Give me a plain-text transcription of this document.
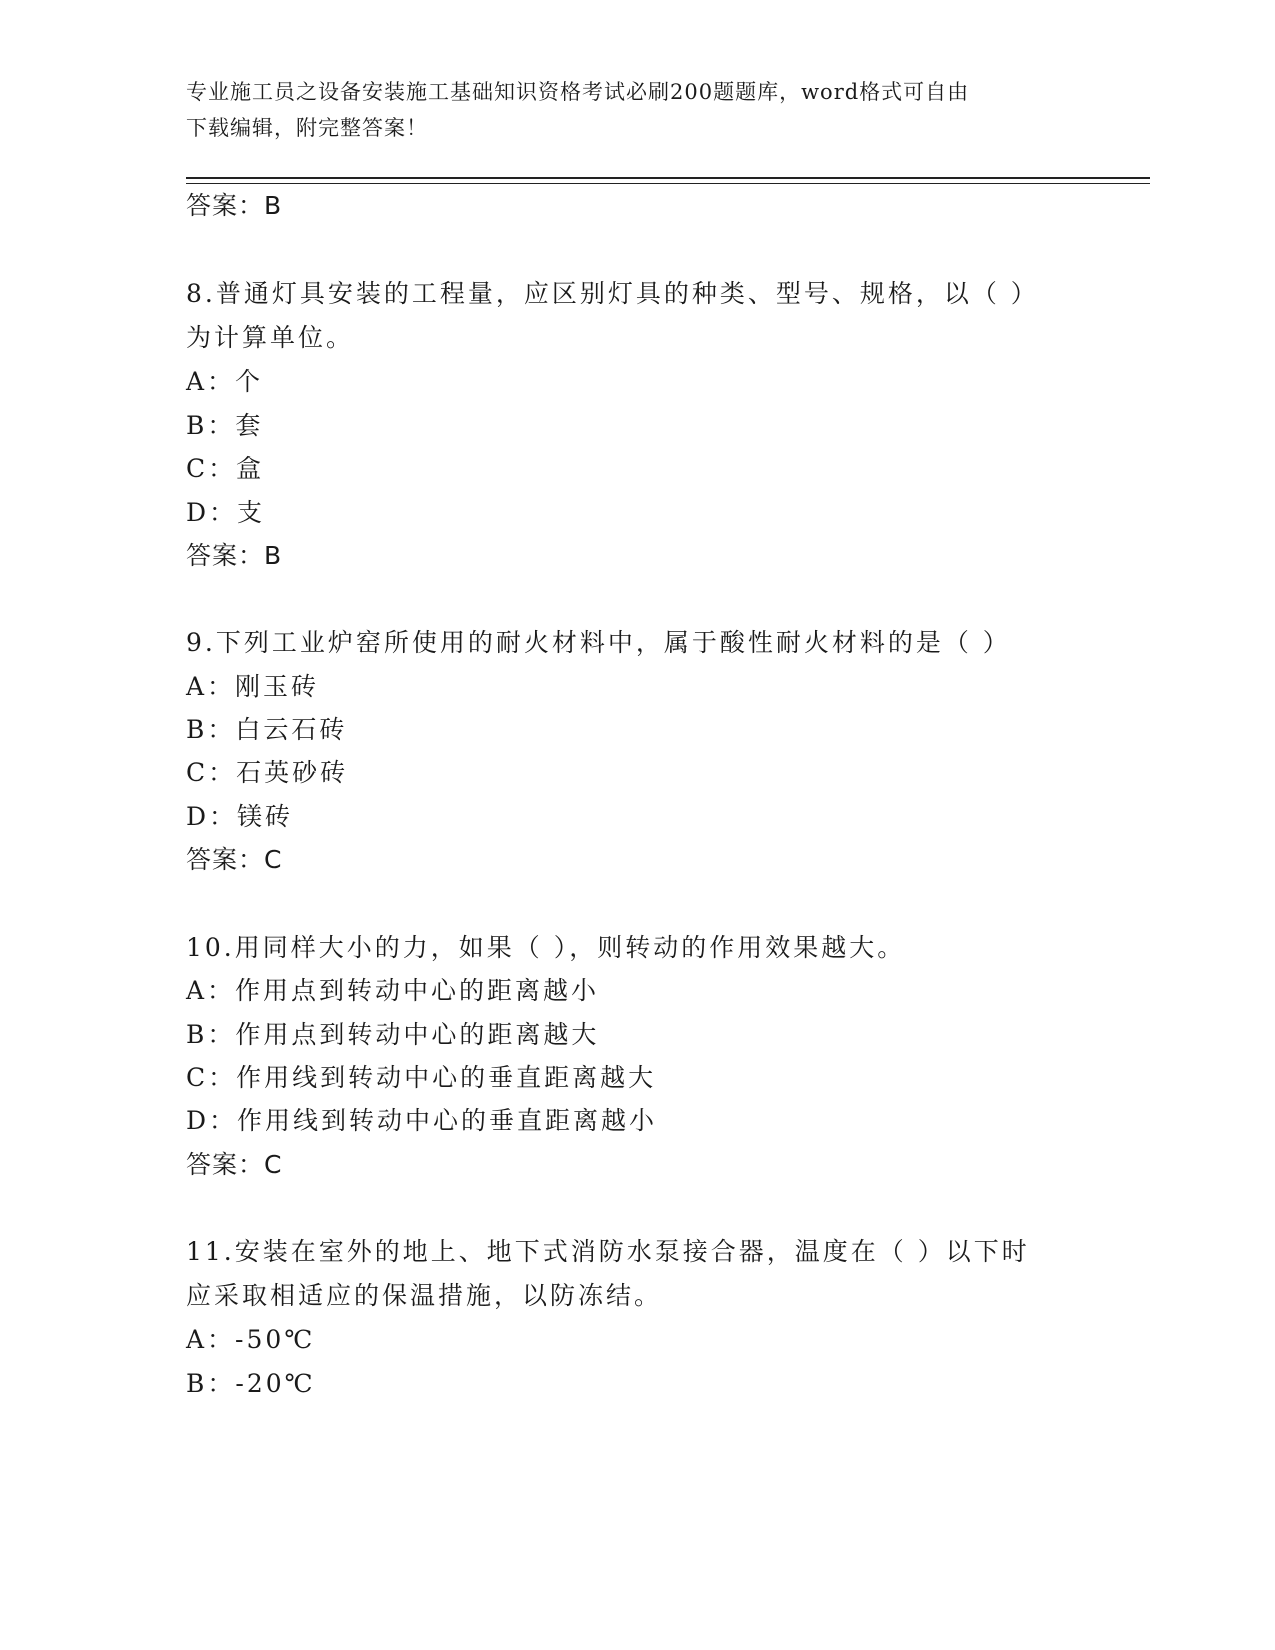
专业施工员之设备安装施工基础知识资格考试必刷200题题库，word格式可自由
下载编辑，附完整答案！
答案：B
8.普通灯具安装的工程量，应区别灯具的种类、型号、规格，以（ ）
为计算单位。
A：个
B：套
C：盒
D：支
答案：B
9.下列工业炉窑所使用的耐火材料中，属于酸性耐火材料的是（ ）
A：刚玉砖
B：白云石砖
C：石英砂砖
D：镁砖
答案：C
10.用同样大小的力，如果（ ），则转动的作用效果越大。
A：作用点到转动中心的距离越小
B：作用点到转动中心的距离越大
C：作用线到转动中心的垂直距离越大
D：作用线到转动中心的垂直距离越小
答案：C
11.安装在室外的地上、地下式消防水泵接合器，温度在（ ）以下时
应采取相适应的保温措施，以防冻结。
A：-50℃
B：-20℃
